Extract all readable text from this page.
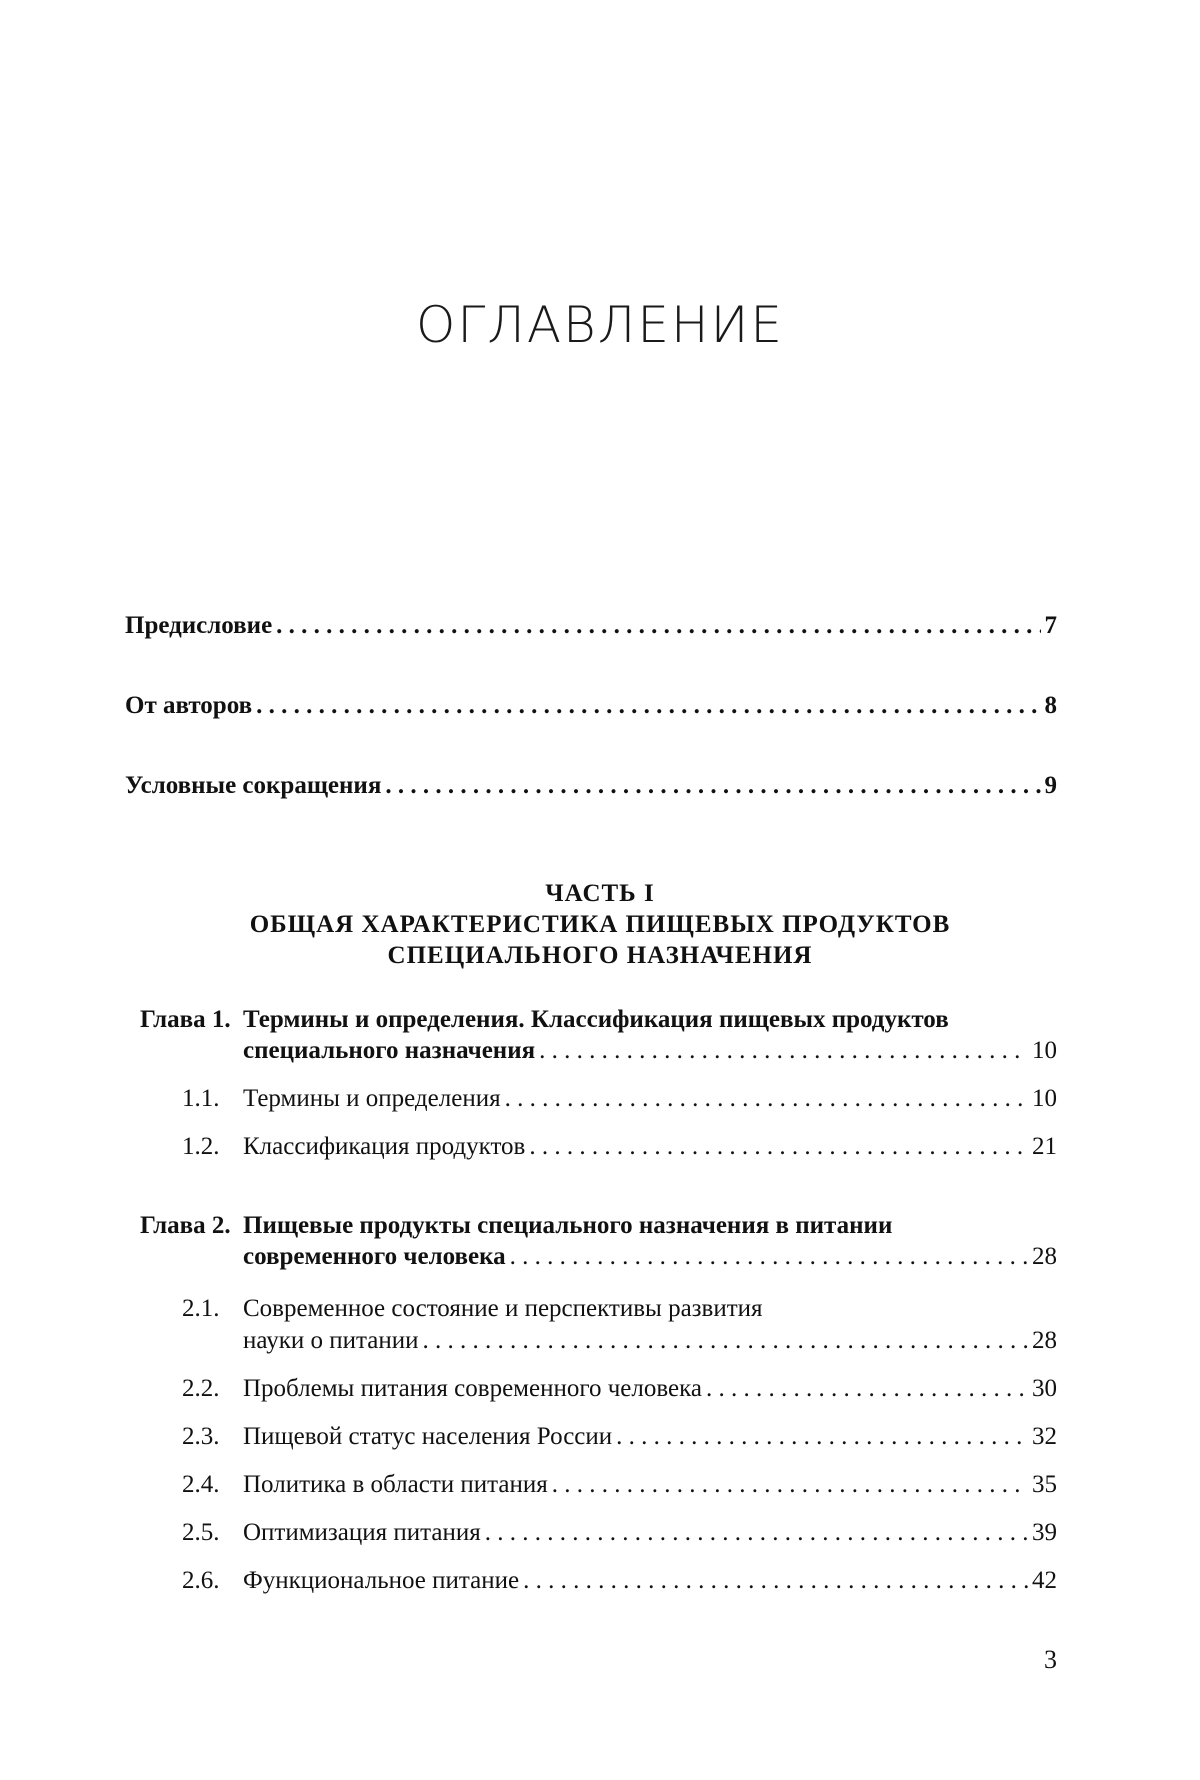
ОГЛАВЛЕНИЕ
Предисловие . . .	7
От авторов . . .	8
Условные сокращения . . .	9
ЧАСТЬ I
ОБЩАЯ ХАРАКТЕРИСТИКА ПИЩЕВЫХ ПРОДУКТОВ
СПЕЦИАЛЬНОГО НАЗНАЧЕНИЯ
Глава 1. Термины и определения. Классификация пищевых продуктов
специального назначения . . .	10
1.1. Термины и определения . . .	10
1.2. Классификация продуктов . . .	21
Глава 2. Пищевые продукты специального назначения в питании
современного человека . . .	28
2.1. Современное состояние и перспективы развития
науки о питании . . .	28
2.2. Проблемы питания современного человека . . .	30
2.3. Пищевой статус населения России . . .	32
2.4. Политика в области питания . . .	35
2.5. Оптимизация питания . . .	39
2.6. Функциональное питание . . .	42
3
